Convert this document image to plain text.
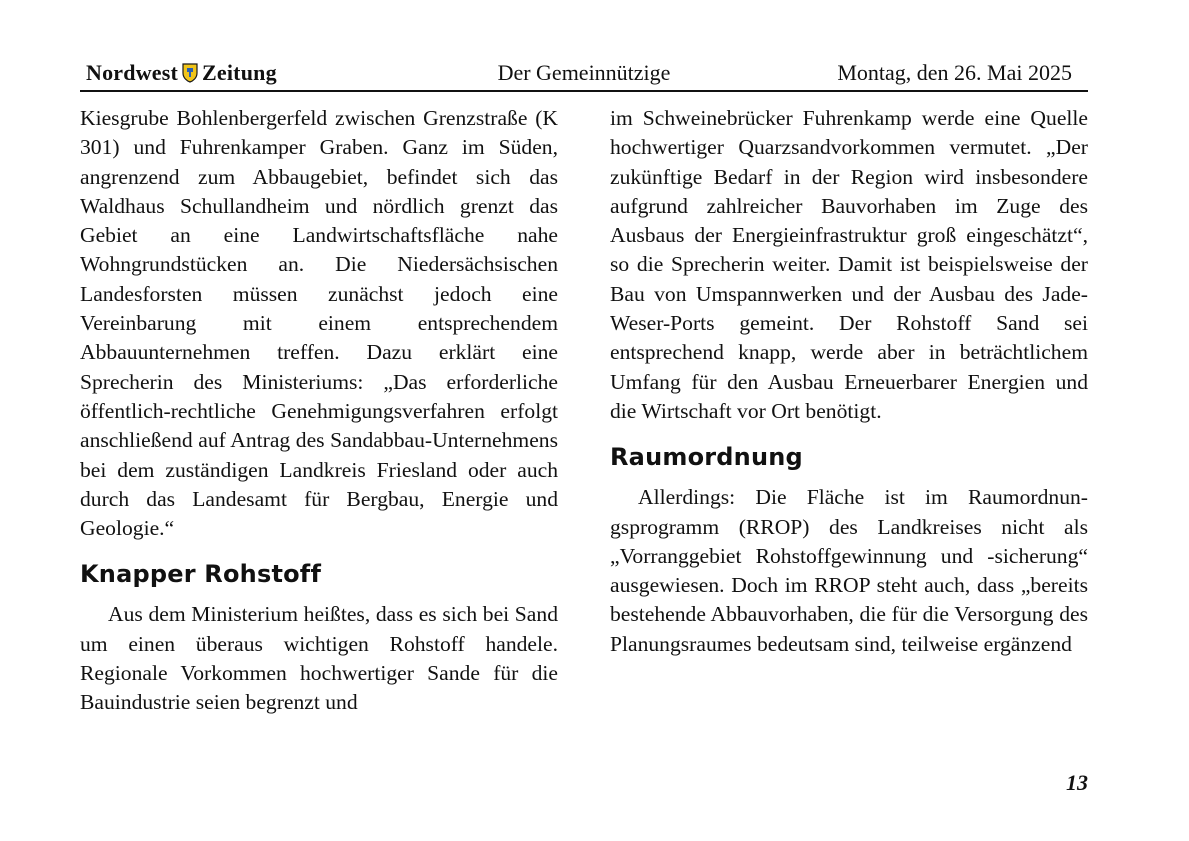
Nordwest Zeitung	Der Gemeinnützige	Montag, den 26. Mai 2025

Kiesgrube Bohlenbergerfeld zwischen Grenzstraße (K 301) und Fuhrenkamper Graben. Ganz im Süden, angrenzend zum Abbaugebiet, befindet sich das Waldhaus Schullandheim und nördlich grenzt das Gebiet an eine Landwirtschaftsfläche nahe Wohngrundstücken an. Die Niedersächsischen Landesforsten müssen zunächst jedoch eine Vereinbarung mit einem entsprechendem Abbauunternehmen treffen. Dazu erklärt eine Sprecherin des Ministeriums: „Das erforderliche öffentlich-rechtliche Genehmigungsverfahren erfolgt anschließend auf Antrag des Sandabbau-Unternehmens bei dem zuständigen Landkreis Friesland oder auch durch das Landesamt für Bergbau, Energie und Geologie.“

Knapper Rohstoff

Aus dem Ministerium heißtes, dass es sich bei Sand um einen überaus wichtigen Rohstoff handele. Regionale Vorkommen hochwertiger Sande für die Bauindustrie seien begrenzt und

im Schweinebrücker Fuhrenkamp werde eine Quelle hochwertiger Quarzsandvorkommen vermutet. „Der zukünftige Bedarf in der Region wird insbesondere aufgrund zahlreicher Bauvorhaben im Zuge des Ausbaus der Energieinfrastruktur groß eingeschätzt“, so die Sprecherin weiter. Damit ist beispielsweise der Bau von Umspannwerken und der Ausbau des Jade-Weser-Ports gemeint. Der Rohstoff Sand sei entsprechend knapp, werde aber in beträchtlichem Umfang für den Ausbau Erneuerbarer Energien und die Wirtschaft vor Ort benötigt.

Raumordnung

Allerdings: Die Fläche ist im Raumordnungsprogramm (RROP) des Landkreises nicht als „Vorranggebiet Rohstoffgewinnung und ‑sicherung“ ausgewiesen. Doch im RROP steht auch, dass „bereits bestehende Abbauvorhaben, die für die Versorgung des Planungsraumes bedeutsam sind, teilweise ergänzend

13
